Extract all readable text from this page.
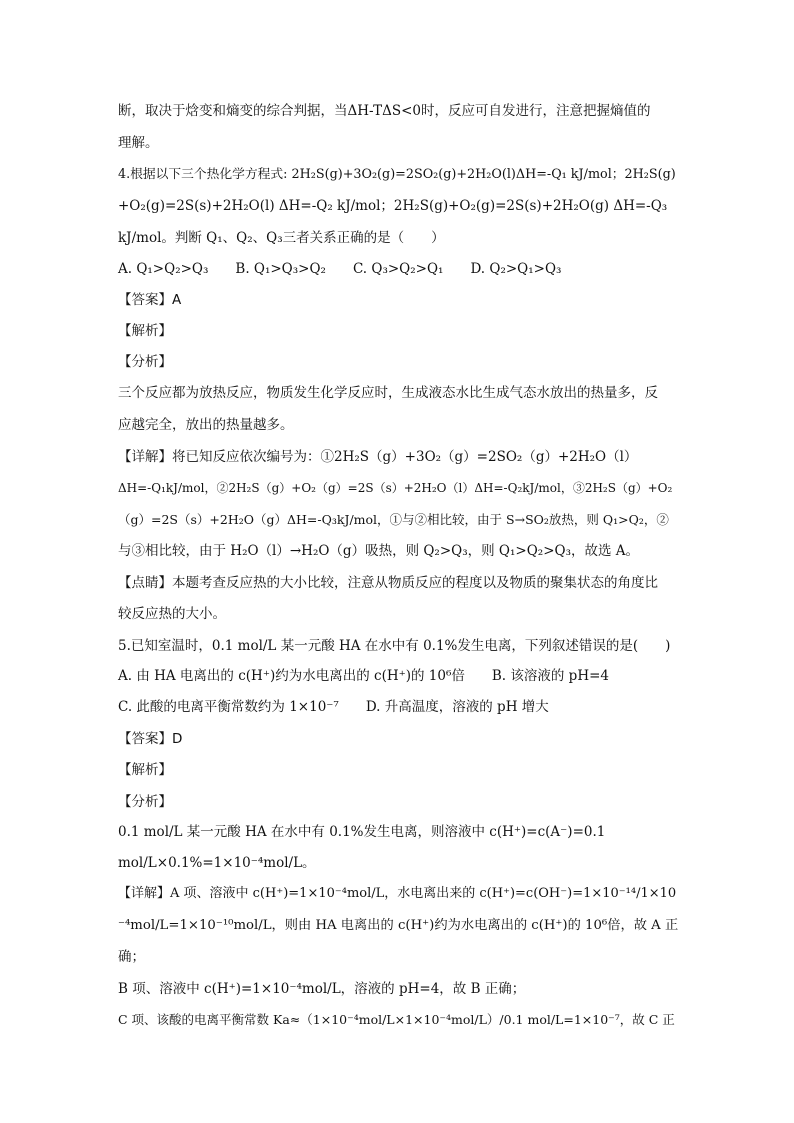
断，取决于焓变和熵变的综合判据，当ΔH-TΔS<0时，反应可自发进行，注意把握熵值的
理解。
4.根据以下三个热化学方程式: 2H₂S(g)+3O₂(g)=2SO₂(g)+2H₂O(l)ΔH=-Q₁ kJ/mol；2H₂S(g)
+O₂(g)=2S(s)+2H₂O(l) ΔH=-Q₂ kJ/mol；2H₂S(g)+O₂(g)=2S(s)+2H₂O(g) ΔH=-Q₃
kJ/mol。判断 Q₁、Q₂、Q₃三者关系正确的是（　　）
A. Q₁>Q₂>Q₃　　B. Q₁>Q₃>Q₂　　C. Q₃>Q₂>Q₁　　D. Q₂>Q₁>Q₃
【答案】A
【解析】
【分析】
三个反应都为放热反应，物质发生化学反应时，生成液态水比生成气态水放出的热量多，反
应越完全，放出的热量越多。
【详解】将已知反应依次编号为：①2H₂S（g）+3O₂（g）=2SO₂（g）+2H₂O（l）
ΔH=-Q₁kJ/mol，②2H₂S（g）+O₂（g）=2S（s）+2H₂O（l）ΔH=-Q₂kJ/mol，③2H₂S（g）+O₂
（g）=2S（s）+2H₂O（g）ΔH=-Q₃kJ/mol，①与②相比较，由于 S→SO₂放热，则 Q₁>Q₂，②
与③相比较，由于 H₂O（l）→H₂O（g）吸热，则 Q₂>Q₃，则 Q₁>Q₂>Q₃，故选 A。
【点睛】本题考查反应热的大小比较，注意从物质反应的程度以及物质的聚集状态的角度比
较反应热的大小。
5.已知室温时，0.1 mol/L 某一元酸 HA 在水中有 0.1%发生电离，下列叙述错误的是(　　)
A. 由 HA 电离出的 c(H⁺)约为水电离出的 c(H⁺)的 10⁶倍　　B. 该溶液的 pH=4
C. 此酸的电离平衡常数约为 1×10⁻⁷　　D. 升高温度，溶液的 pH 增大
【答案】D
【解析】
【分析】
0.1 mol/L 某一元酸 HA 在水中有 0.1%发生电离，则溶液中 c(H⁺)=c(A⁻)=0.1
mol/L×0.1%=1×10⁻⁴mol/L。
【详解】A 项、溶液中 c(H⁺)=1×10⁻⁴mol/L，水电离出来的 c(H⁺)=c(OH⁻)=1×10⁻¹⁴/1×10
⁻⁴mol/L=1×10⁻¹⁰mol/L，则由 HA 电离出的 c(H⁺)约为水电离出的 c(H⁺)的 10⁶倍，故 A 正
确；
B 项、溶液中 c(H⁺)=1×10⁻⁴mol/L，溶液的 pH=4，故 B 正确；
C 项、该酸的电离平衡常数 Ka≈（1×10⁻⁴mol/L×1×10⁻⁴mol/L）/0.1 mol/L=1×10⁻⁷，故 C 正
